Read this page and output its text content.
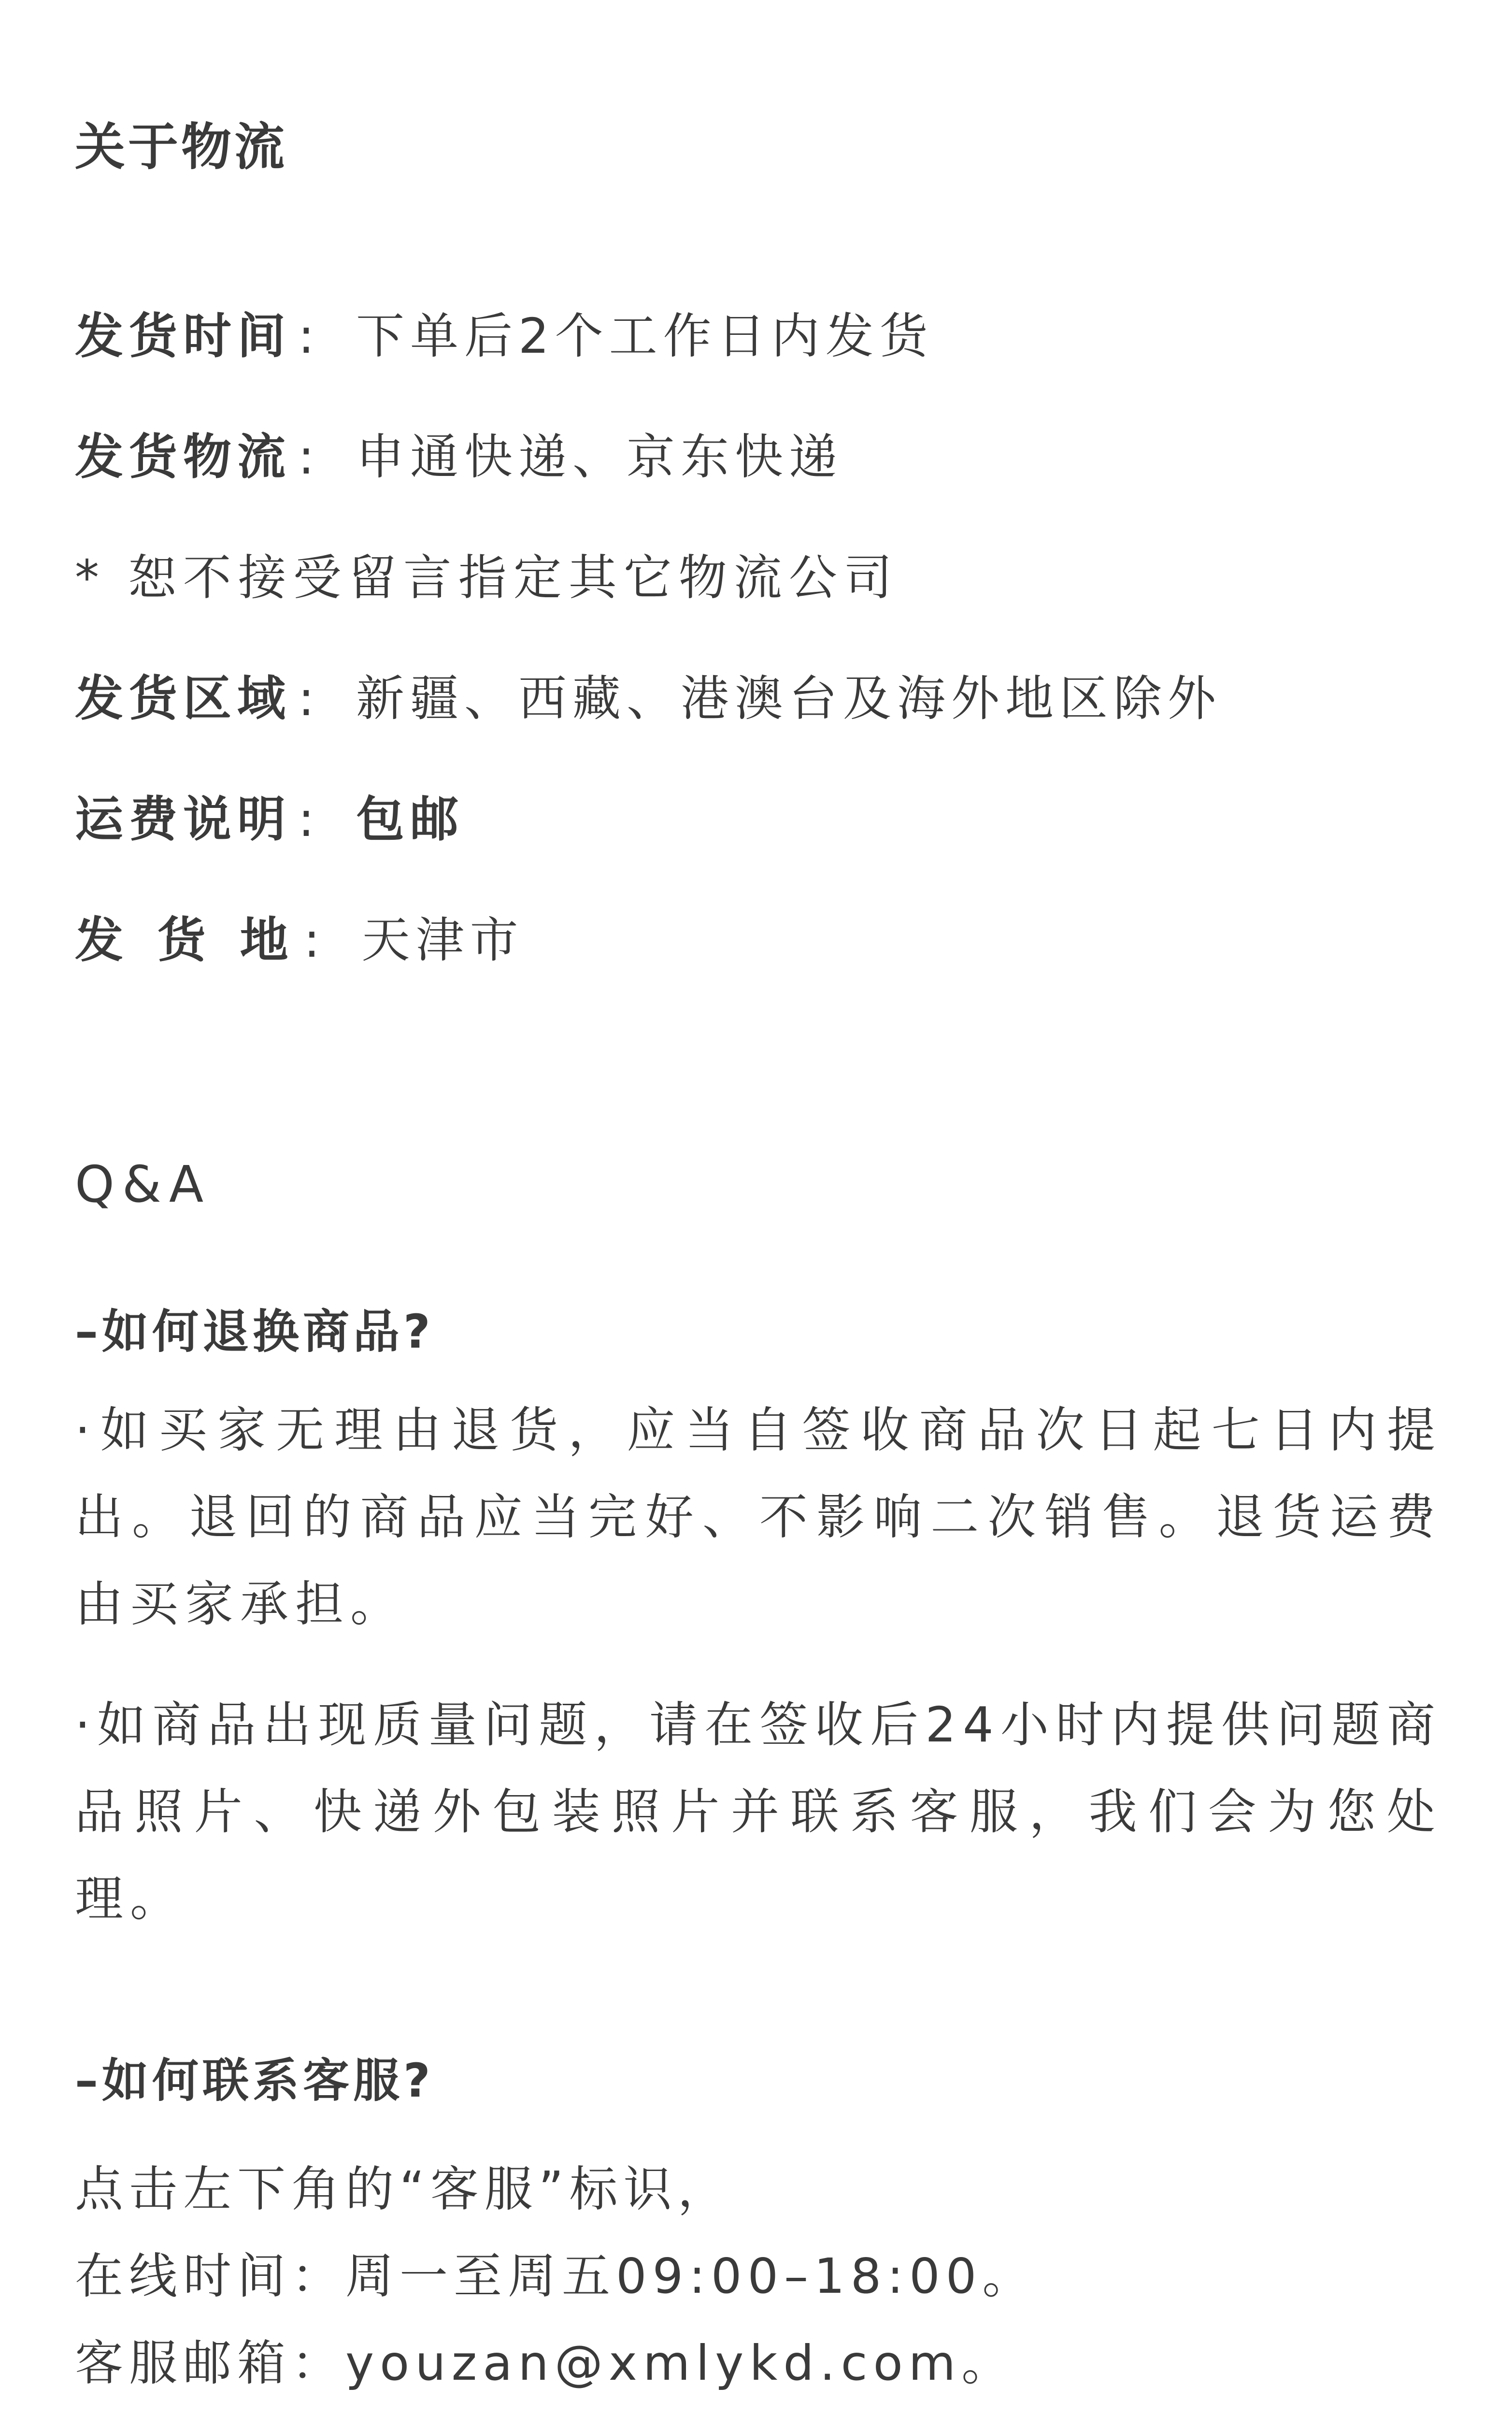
关于物流
发货时间 : 下单后2个工作日内发货
发货物流 : 申通快递、京东快递
* 恕不接受留言指定其它物流公司
发货区域 : 新疆、西藏、港澳台及海外地区除外
运费说明 : 包邮
发 货 地 : 天津市
Q&A
–如何退换商品?
·如买家无理由退货，应当自签收商品次日起七日内提出。退回的商品应当完好、不影响二次销售。退货运费由买家承担。
·如商品出现质量问题，请在签收后24小时内提供问题商品照片、快递外包装照片并联系客服，我们会为您处理。
–如何联系客服?
点击左下角的“客服”标识，
在线时间：周一至周五09:00–18:00。
客服邮箱：youzan@xmlykd.com。
